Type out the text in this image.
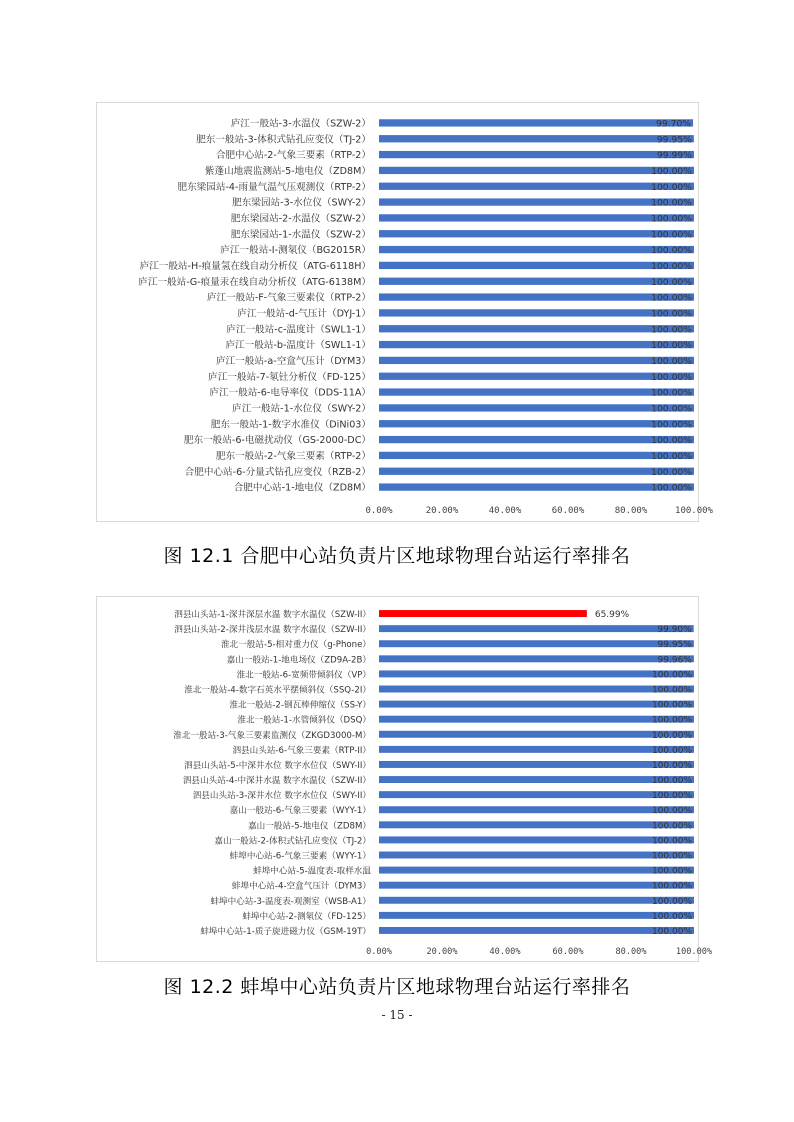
庐江一般站-3-水温仪（SZW-2）	99.70%
肥东一般站-3-体积式钻孔应变仪（TJ-2）	99.95%
合肥中心站-2-气象三要素（RTP-2）	99.99%
紫蓬山地震监测站-5-地电仪（ZD8M）	100.00%
肥东梁园站-4-雨量气温气压观测仪（RTP-2）	100.00%
肥东梁园站-3-水位仪（SWY-2）	100.00%
肥东梁园站-2-水温仪（SZW-2）	100.00%
肥东梁园站-1-水温仪（SZW-2）	100.00%
庐江一般站-I-测氡仪（BG2015R）	100.00%
庐江一般站-H-痕量氢在线自动分析仪（ATG-6118H）	100.00%
庐江一般站-G-痕量汞在线自动分析仪（ATG-6138M）	100.00%
庐江一般站-F-气象三要素仪（RTP-2）	100.00%
庐江一般站-d-气压计（DYJ-1）	100.00%
庐江一般站-c-温度计（SWL1-1）	100.00%
庐江一般站-b-温度计（SWL1-1）	100.00%
庐江一般站-a-空盒气压计（DYM3）	100.00%
庐江一般站-7-氡钍分析仪（FD-125）	100.00%
庐江一般站-6-电导率仪（DDS-11A）	100.00%
庐江一般站-1-水位仪（SWY-2）	100.00%
肥东一般站-1-数字水准仪（DiNi03）	100.00%
肥东一般站-6-电磁扰动仪（GS-2000-DC）	100.00%
肥东一般站-2-气象三要素（RTP-2）	100.00%
合肥中心站-6-分量式钻孔应变仪（RZB-2）	100.00%
合肥中心站-1-地电仪（ZD8M）	100.00%
0.00%	20.00%	40.00%	60.00%	80.00%	100.00%
图 12.1 合肥中心站负责片区地球物理台站运行率排名
泗县山头站-1-深井深层水温 数字水温仪（SZW-II）	65.99%
泗县山头站-2-深井浅层水温 数字水温仪（SZW-II）	99.90%
淮北一般站-5-相对重力仪（g-Phone）	99.95%
嘉山一般站-1-地电场仪（ZD9A-2B）	99.96%
淮北一般站-6-宽频带倾斜仪（VP）	100.00%
淮北一般站-4-数字石英水平摆倾斜仪（SSQ-2I）	100.00%
淮北一般站-2-钢瓦棒伸缩仪（SS-Y）	100.00%
淮北一般站-1-水管倾斜仪（DSQ）	100.00%
淮北一般站-3-气象三要素监测仪（ZKGD3000-M）	100.00%
泗县山头站-6-气象三要素（RTP-II）	100.00%
泗县山头站-5-中深井水位 数字水位仪（SWY-II）	100.00%
泗县山头站-4-中深井水温 数字水温仪（SZW-II）	100.00%
泗县山头站-3-深井水位 数字水位仪（SWY-II）	100.00%
嘉山一般站-6-气象三要素（WYY-1）	100.00%
嘉山一般站-5-地电仪（ZD8M）	100.00%
嘉山一般站-2-体积式钻孔应变仪（TJ-2）	100.00%
蚌埠中心站-6-气象三要素（WYY-1）	100.00%
蚌埠中心站-5-温度表-取样水温	100.00%
蚌埠中心站-4-空盒气压计（DYM3）	100.00%
蚌埠中心站-3-温度表-观测室（WSB-A1）	100.00%
蚌埠中心站-2-测氡仪（FD-125）	100.00%
蚌埠中心站-1-质子旋进磁力仪（GSM-19T）	100.00%
0.00%	20.00%	40.00%	60.00%	80.00%	100.00%
图 12.2 蚌埠中心站负责片区地球物理台站运行率排名
- 15 -
